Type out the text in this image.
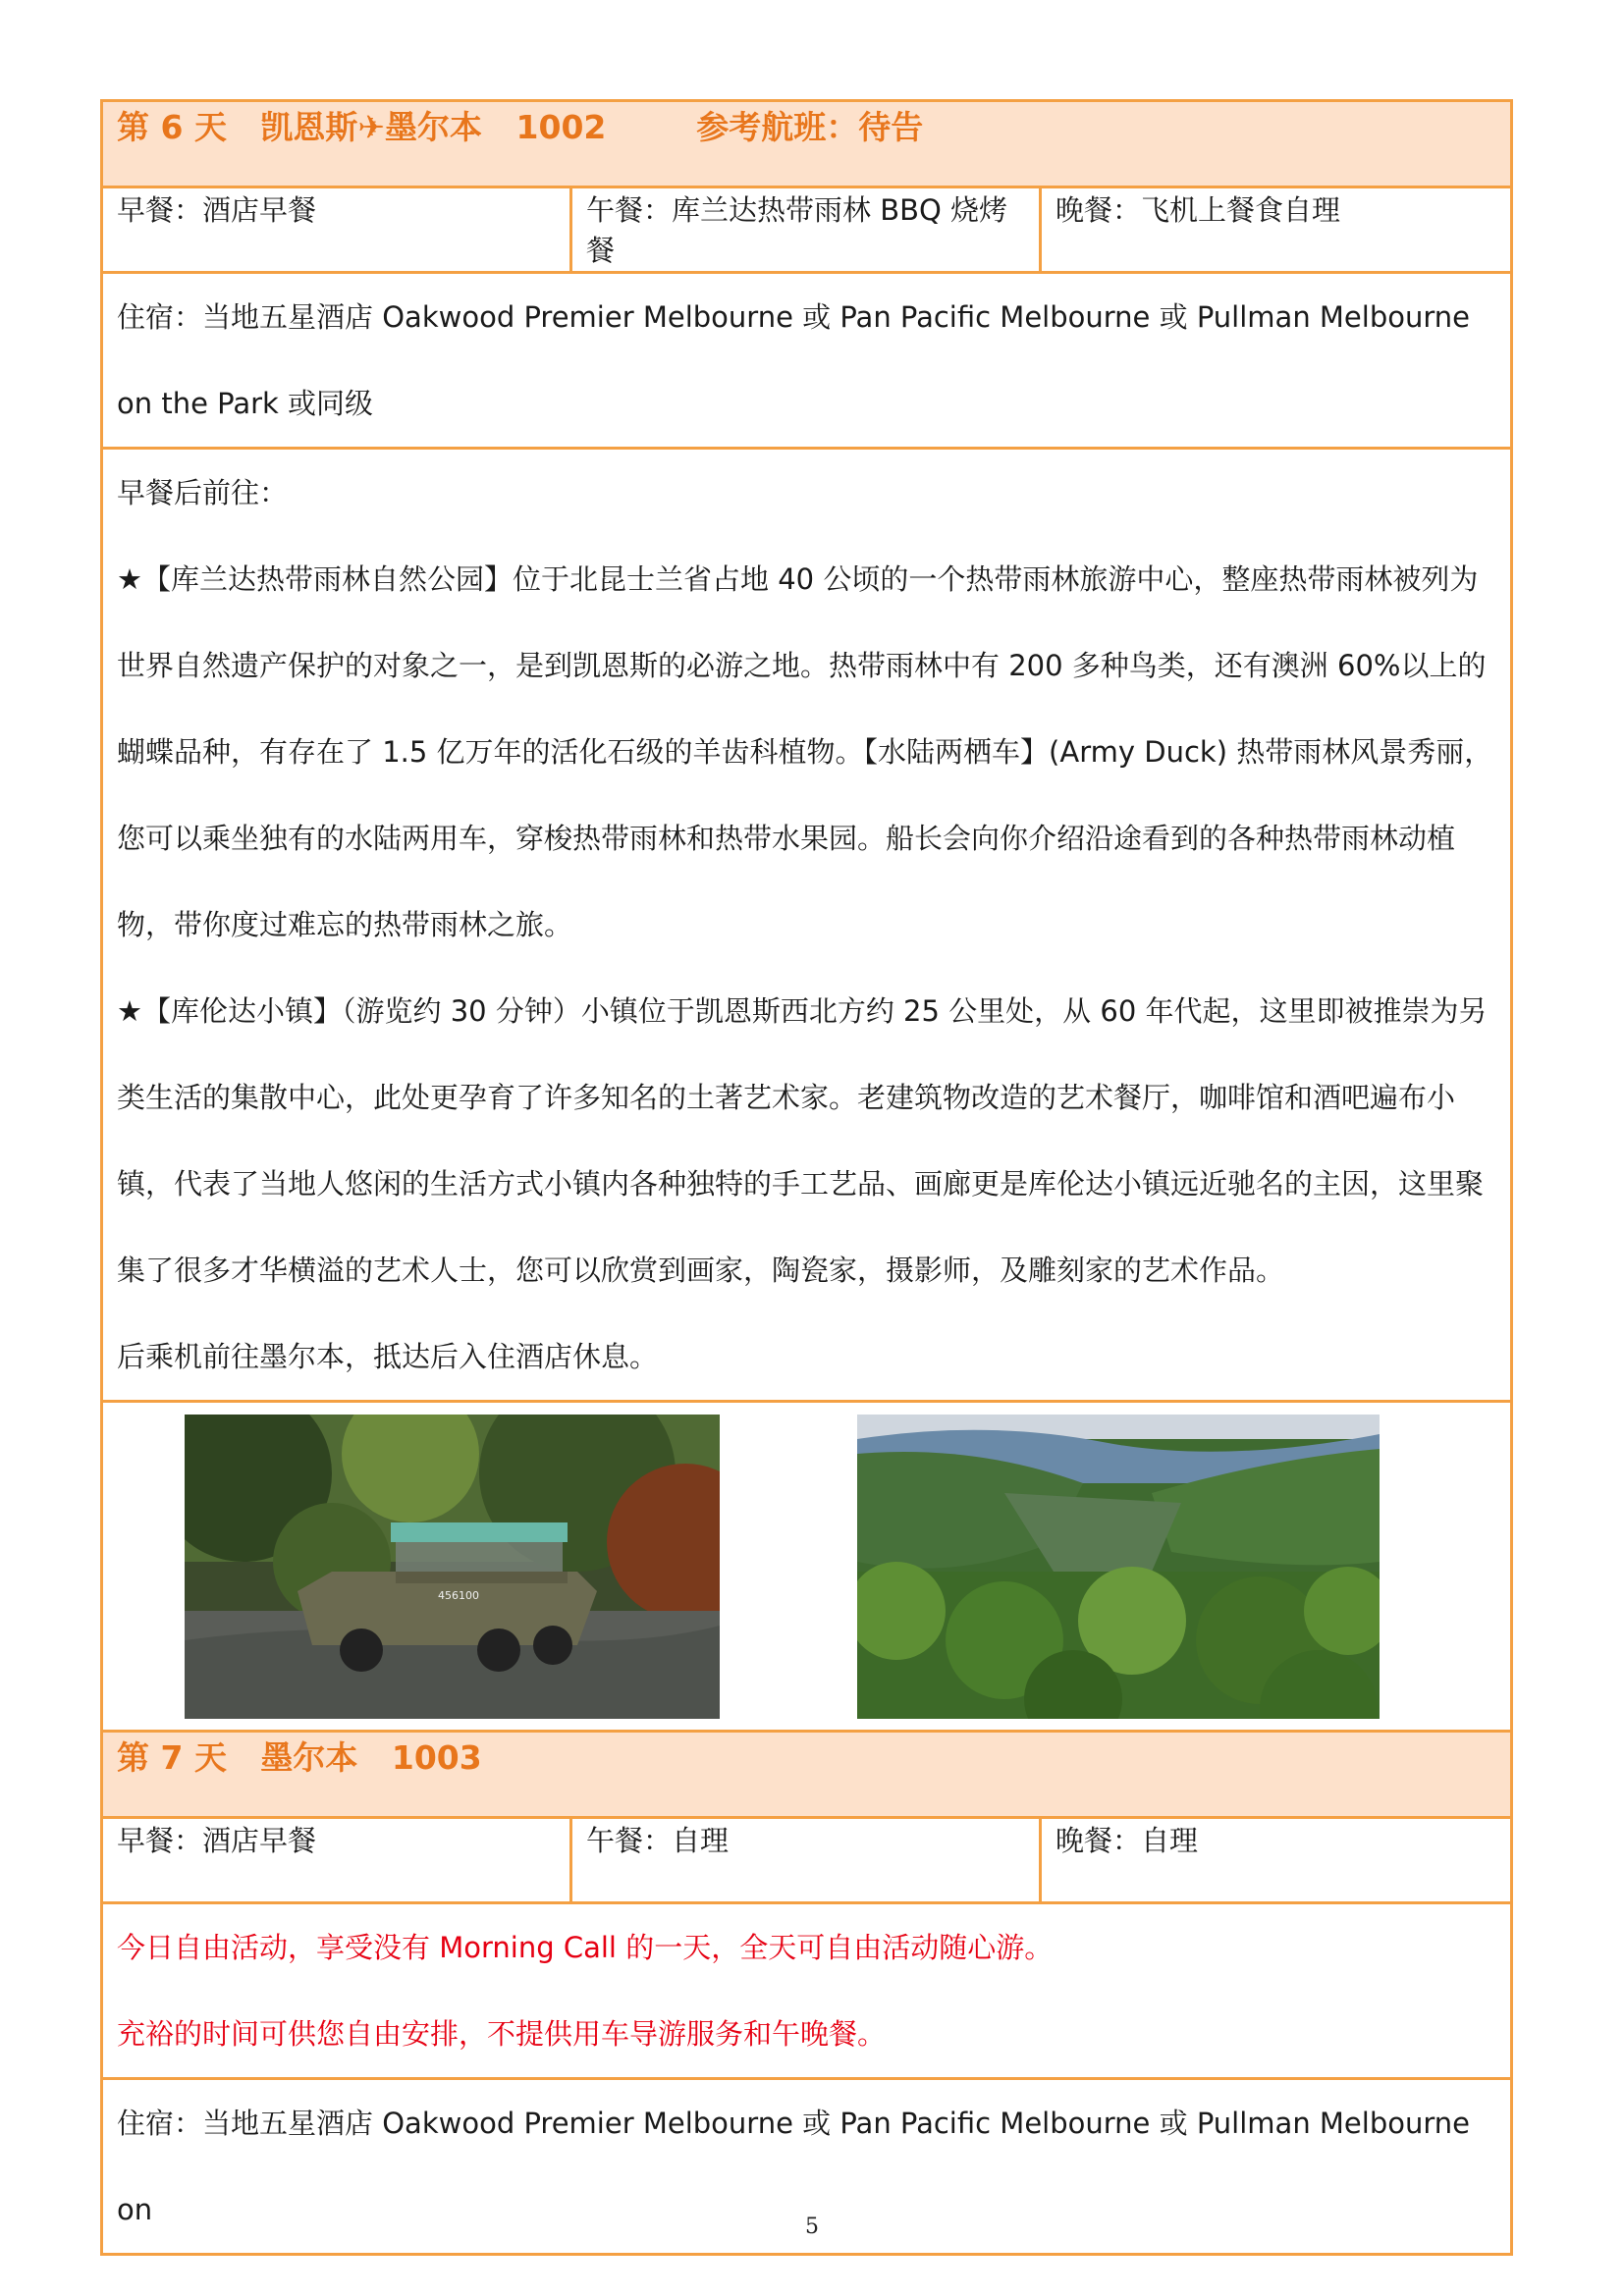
第 6 天   凯恩斯✈墨尔本   1002        参考航班：待告		
早餐：酒店早餐	午餐：库兰达热带雨林 BBQ 烧烤餐	晚餐：飞机上餐食自理

住宿：当地五星酒店 Oakwood Premier Melbourne 或 Pan Pacific Melbourne 或 Pullman Melbourne on the Park 或同级		

早餐后前往：

★【库兰达热带雨林自然公园】位于北昆士兰省占地 40 公顷的一个热带雨林旅游中心，整座热带雨林被列为世界自然遗产保护的对象之一，是到凯恩斯的必游之地。热带雨林中有 200 多种鸟类，还有澳洲 60%以上的蝴蝶品种，有存在了 1.5 亿万年的活化石级的羊齿科植物。【水陆两栖车】(Army Duck) 热带雨林风景秀丽，您可以乘坐独有的水陆两用车，穿梭热带雨林和热带水果园。船长会向你介绍沿途看到的各种热带雨林动植物，带你度过难忘的热带雨林之旅。

★【库伦达小镇】（游览约 30 分钟）小镇位于凯恩斯西北方约 25 公里处，从 60 年代起，这里即被推崇为另类生活的集散中心，此处更孕育了许多知名的土著艺术家。老建筑物改造的艺术餐厅，咖啡馆和酒吧遍布小镇，代表了当地人悠闲的生活方式小镇内各种独特的手工艺品、画廊更是库伦达小镇远近驰名的主因，这里聚集了很多才华横溢的艺术人士，您可以欣赏到画家，陶瓷家，摄影师，及雕刻家的艺术作品。

后乘机前往墨尔本，抵达后入住酒店休息。		

456100		

第 7 天   墨尔本   1003		
早餐：酒店早餐	午餐：自理	晚餐：自理

今日自由活动，享受没有 Morning Call 的一天，全天可自由活动随心游。

充裕的时间可供您自由安排，不提供用车导游服务和午晚餐。		

住宿：当地五星酒店 Oakwood Premier Melbourne 或 Pan Pacific Melbourne 或 Pullman Melbourne on		

5
